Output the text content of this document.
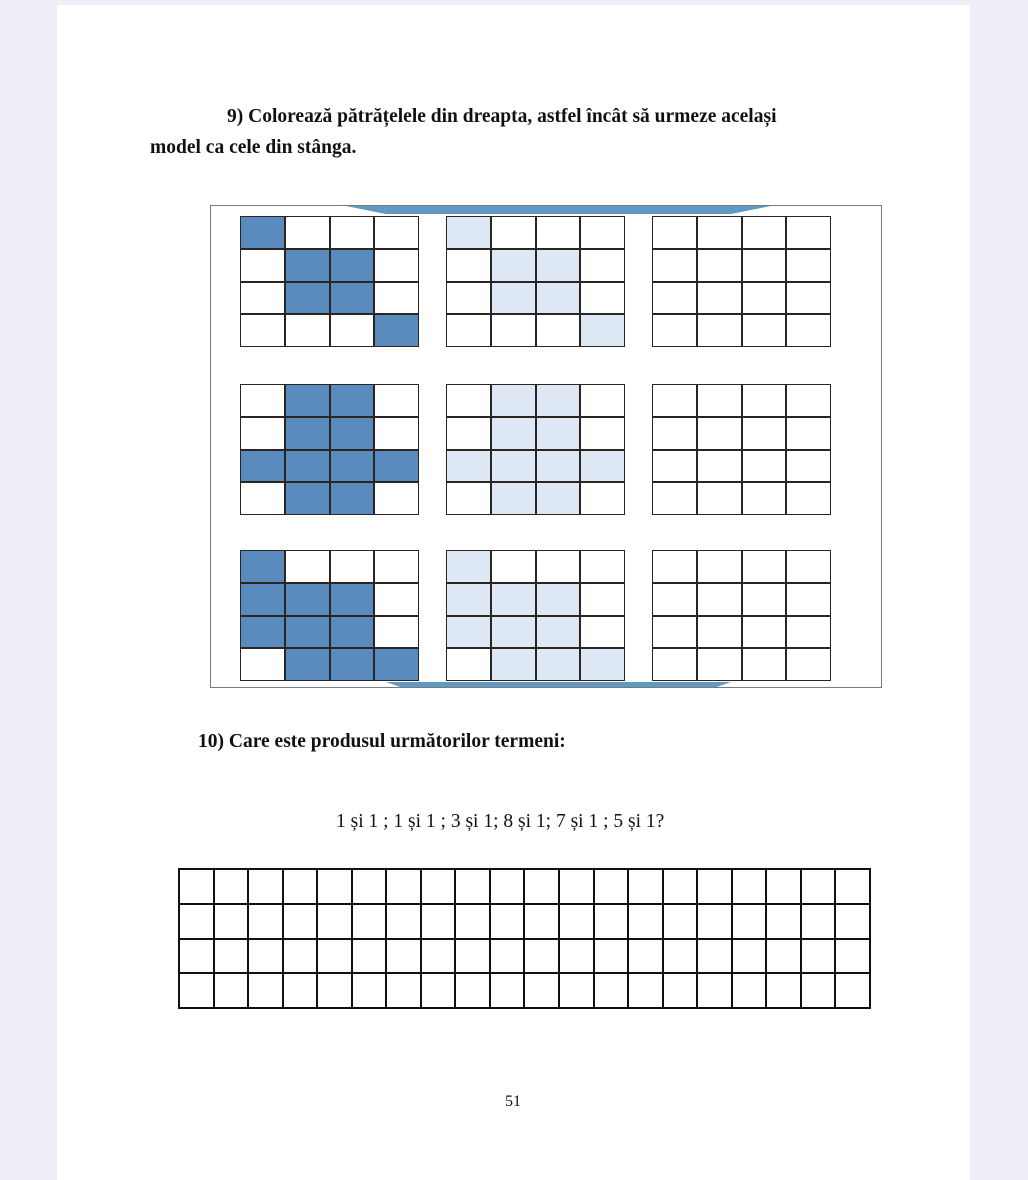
9) Colorează pătrățelele din dreapta, astfel încât să urmeze același

model ca cele din stânga.

10) Care este produsul următorilor termeni:

1 și 1 ; 1 și 1 ; 3 și 1; 8 și 1; 7 și 1 ; 5 și 1?

51
